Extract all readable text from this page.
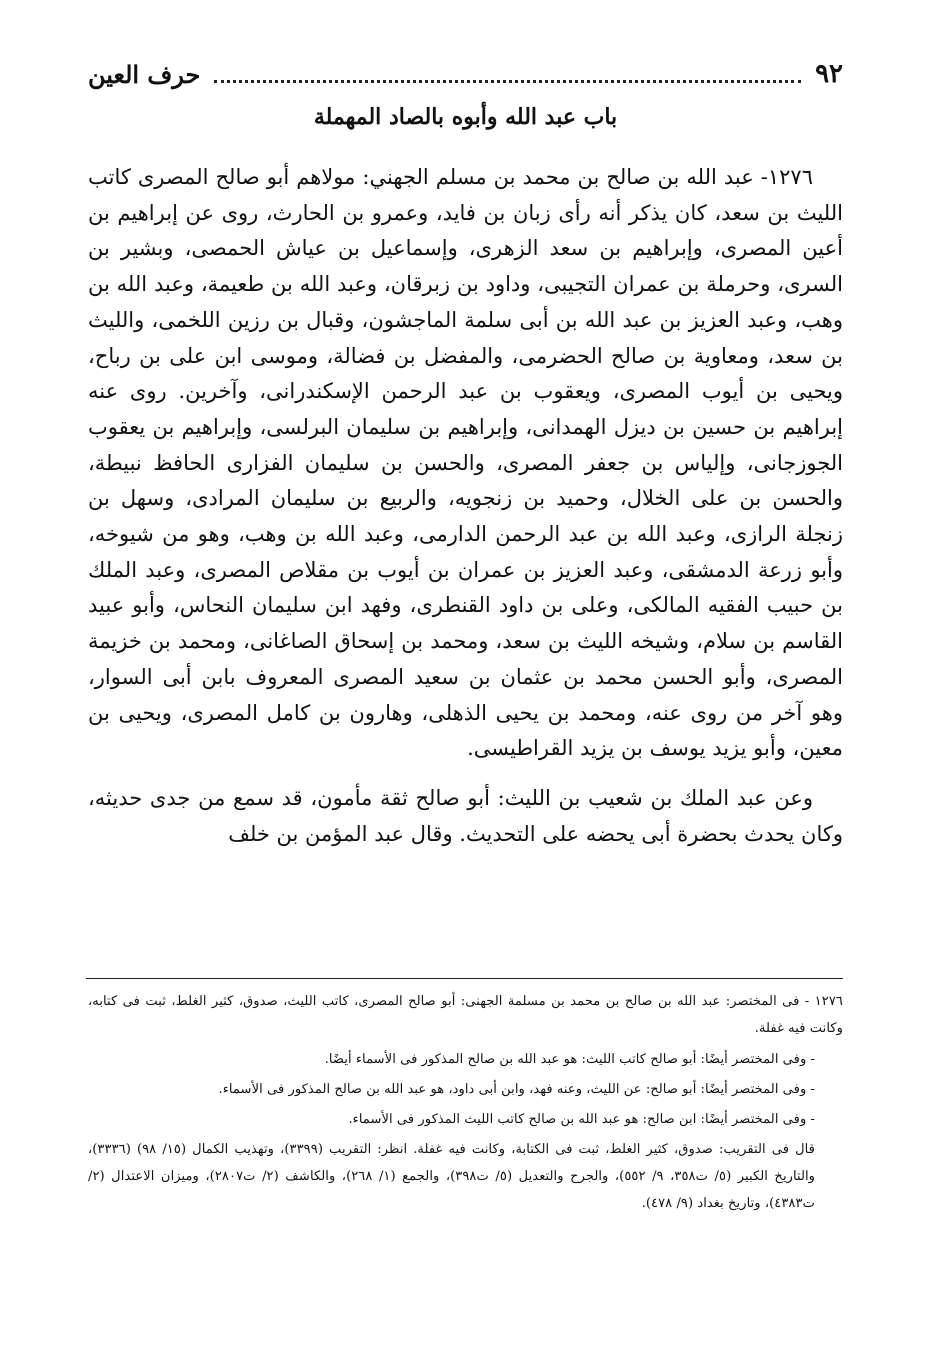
٩٢
حرف العين
باب عبد الله وأبوه بالصاد المهملة

١٢٧٦- عبد الله بن صالح بن محمد بن مسلم الجهني: مولاهم أبو صالح المصرى كاتب الليث بن سعد، كان يذكر أنه رأى زبان بن فايد، وعمرو بن الحارث، روى عن إبراهيم بن أعين المصرى، وإبراهيم بن سعد الزهرى، وإسماعيل بن عياش الحمصى، وبشير بن السرى، وحرملة بن عمران التجيبى، وداود بن زبرقان، وعبد الله بن طعيمة، وعبد الله بن وهب، وعبد العزيز بن عبد الله بن أبى سلمة الماجشون، وقبال بن رزين اللخمى، والليث بن سعد، ومعاوية بن صالح الحضرمى، والمفضل بن فضالة، وموسى ابن على بن رباح، ويحيى بن أيوب المصرى، ويعقوب بن عبد الرحمن الإسكندرانى، وآخرين. روى عنه إبراهيم بن حسين بن ديزل الهمدانى، وإبراهيم بن سليمان البرلسى، وإبراهيم بن يعقوب الجوزجانى، وإلياس بن جعفر المصرى، والحسن بن سليمان الفزارى الحافظ نبيطة، والحسن بن على الخلال، وحميد بن زنجويه، والربيع بن سليمان المرادى، وسهل بن زنجلة الرازى، وعبد الله بن عبد الرحمن الدارمى، وعبد الله بن وهب، وهو من شيوخه، وأبو زرعة الدمشقى، وعبد العزيز بن عمران بن أيوب بن مقلاص المصرى، وعبد الملك بن حبيب الفقيه المالكى، وعلى بن داود القنطرى، وفهد ابن سليمان النحاس، وأبو عبيد القاسم بن سلام، وشيخه الليث بن سعد، ومحمد بن إسحاق الصاغانى، ومحمد بن خزيمة المصرى، وأبو الحسن محمد بن عثمان بن سعيد المصرى المعروف بابن أبى السوار، وهو آخر من روى عنه، ومحمد بن يحيى الذهلى، وهارون بن كامل المصرى، ويحيى بن معين، وأبو يزيد يوسف بن يزيد القراطيسى.

وعن عبد الملك بن شعيب بن الليث: أبو صالح ثقة مأمون، قد سمع من جدى حديثه، وكان يحدث بحضرة أبى يحضه على التحديث. وقال عبد المؤمن بن خلف

١٢٧٦ - فى المختصر: عبد الله بن صالح بن محمد بن مسلمة الجهنى: أبو صالح المصرى، كاتب الليث، صدوق، كثير الغلط، ثبت فى كتابه، وكانت فيه غفلة.

- وفى المختصر أيضًا: أبو صالح كاتب الليث: هو عبد الله بن صالح المذكور فى الأسماء أيضًا.

- وفى المختصر أيضًا: أبو صالح: عن الليث، وعنه فهد، وابن أبى داود، هو عبد الله بن صالح المذكور فى الأسماء.

- وفى المختصر أيضًا: ابن صالح: هو عبد الله بن صالح كاتب الليث المذكور فى الأسماء.

قال فى التقريب: صدوق، كثير الغلط، ثبت فى الكتابة، وكانت فيه غفلة. انظر: التقريب (٣٣٩٩)، وتهذيب الكمال (١٥/ ٩٨) (٣٣٣٦)، والتاريخ الكبير (٥/ ت٣٥٨، ٩/ ٥٥٢)، والجرح والتعديل (٥/ ت٣٩٨)، والجمع (١/ ٢٦٨)، والكاشف (٢/ ت٢٨٠٧)، وميزان الاعتدال (٢/ ت٤٣٨٣)، وتاريخ بغداد (٩/ ٤٧٨).
